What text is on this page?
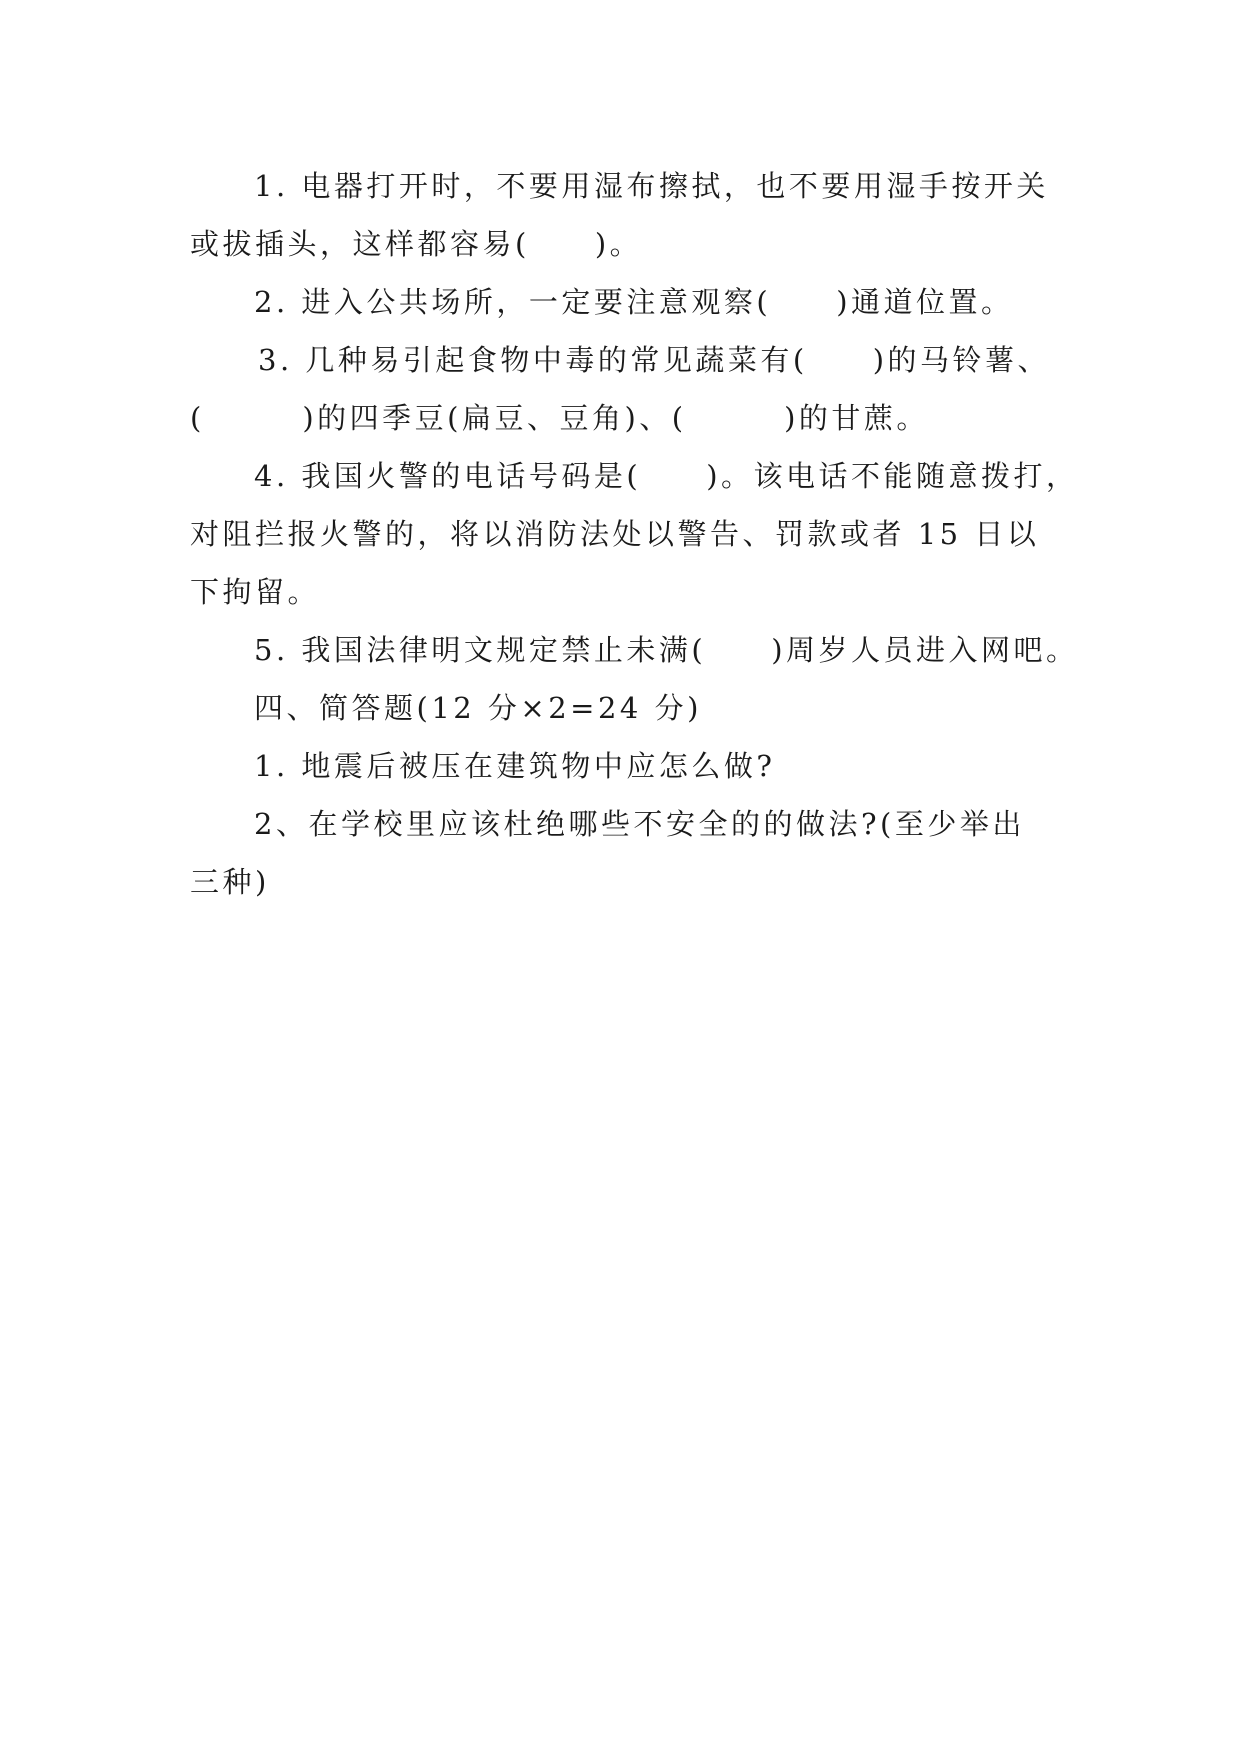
1. 电器打开时，不要用湿布擦拭，也不要用湿手按开关
或拔插头，这样都容易(　　)。
2. 进入公共场所，一定要注意观察(　　)通道位置。
3. 几种易引起食物中毒的常见蔬菜有(　　)的马铃薯、
(　　　)的四季豆(扁豆、豆角)、(　　　)的甘蔗。
4. 我国火警的电话号码是(　　)。该电话不能随意拨打，
对阻拦报火警的，将以消防法处以警告、罚款或者 15 日以
下拘留。
5. 我国法律明文规定禁止未满(　　)周岁人员进入网吧。
四、简答题(12 分×2=24 分)
1. 地震后被压在建筑物中应怎么做?
2、在学校里应该杜绝哪些不安全的的做法?(至少举出
三种)
